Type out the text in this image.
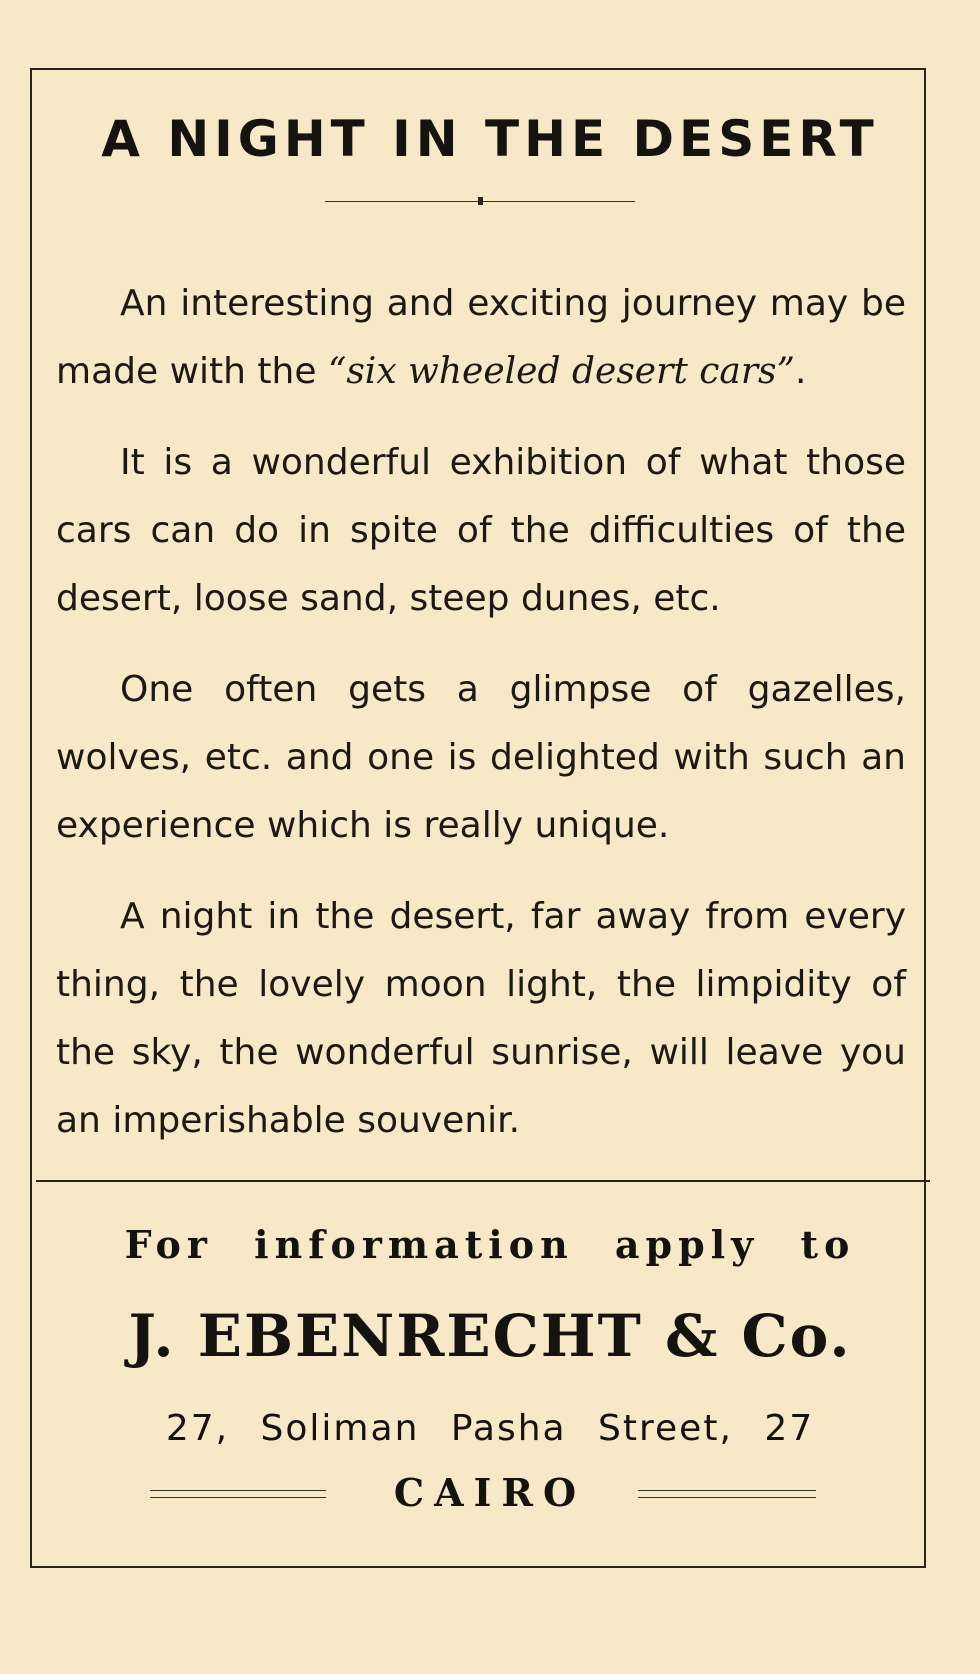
A NIGHT IN THE DESERT

An interesting and exciting journey may be made with the “six wheeled desert cars”.

It is a wonderful exhibition of what those cars can do in spite of the difficulties of the desert, loose sand, steep dunes, etc.

One often gets a glimpse of gazelles, wolves, etc. and one is delighted with such an experience which is really unique.

A night in the desert, far away from every thing, the lovely moon light, the limpidity of the sky, the wonderful sunrise, will leave you an imperishable souvenir.

For information apply to
J. EBENRECHT & Co.
27, Soliman Pasha Street, 27
CAIRO
